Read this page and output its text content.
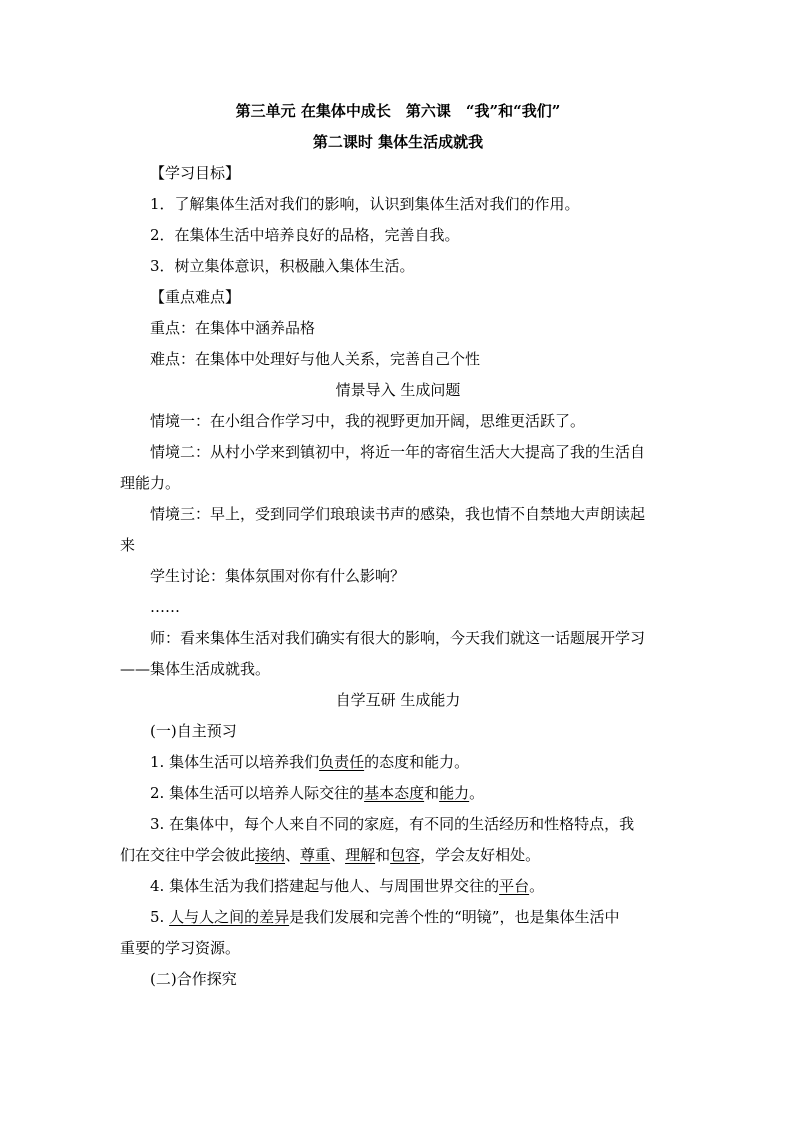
第三单元 在集体中成长　第六课　“我”和“我们”
第二课时 集体生活成就我
【学习目标】
1．了解集体生活对我们的影响，认识到集体生活对我们的作用。
2．在集体生活中培养良好的品格，完善自我。
3．树立集体意识，积极融入集体生活。
【重点难点】
重点：在集体中涵养品格
难点：在集体中处理好与他人关系，完善自己个性
情景导入 生成问题
情境一：在小组合作学习中，我的视野更加开阔，思维更活跃了。
情境二：从村小学来到镇初中，将近一年的寄宿生活大大提高了我的生活自
理能力。
情境三：早上，受到同学们琅琅读书声的感染，我也情不自禁地大声朗读起
来
学生讨论：集体氛围对你有什么影响？
……
师：看来集体生活对我们确实有很大的影响，今天我们就这一话题展开学习
——集体生活成就我。
自学互研 生成能力
(一)自主预习
1. 集体生活可以培养我们负责任的态度和能力。
2. 集体生活可以培养人际交往的基本态度和能力。
3. 在集体中，每个人来自不同的家庭，有不同的生活经历和性格特点，我
们在交往中学会彼此接纳、尊重、理解和包容，学会友好相处。
4. 集体生活为我们搭建起与他人、与周围世界交往的平台。
5. 人与人之间的差异是我们发展和完善个性的“明镜”，也是集体生活中
重要的学习资源。
(二)合作探究
